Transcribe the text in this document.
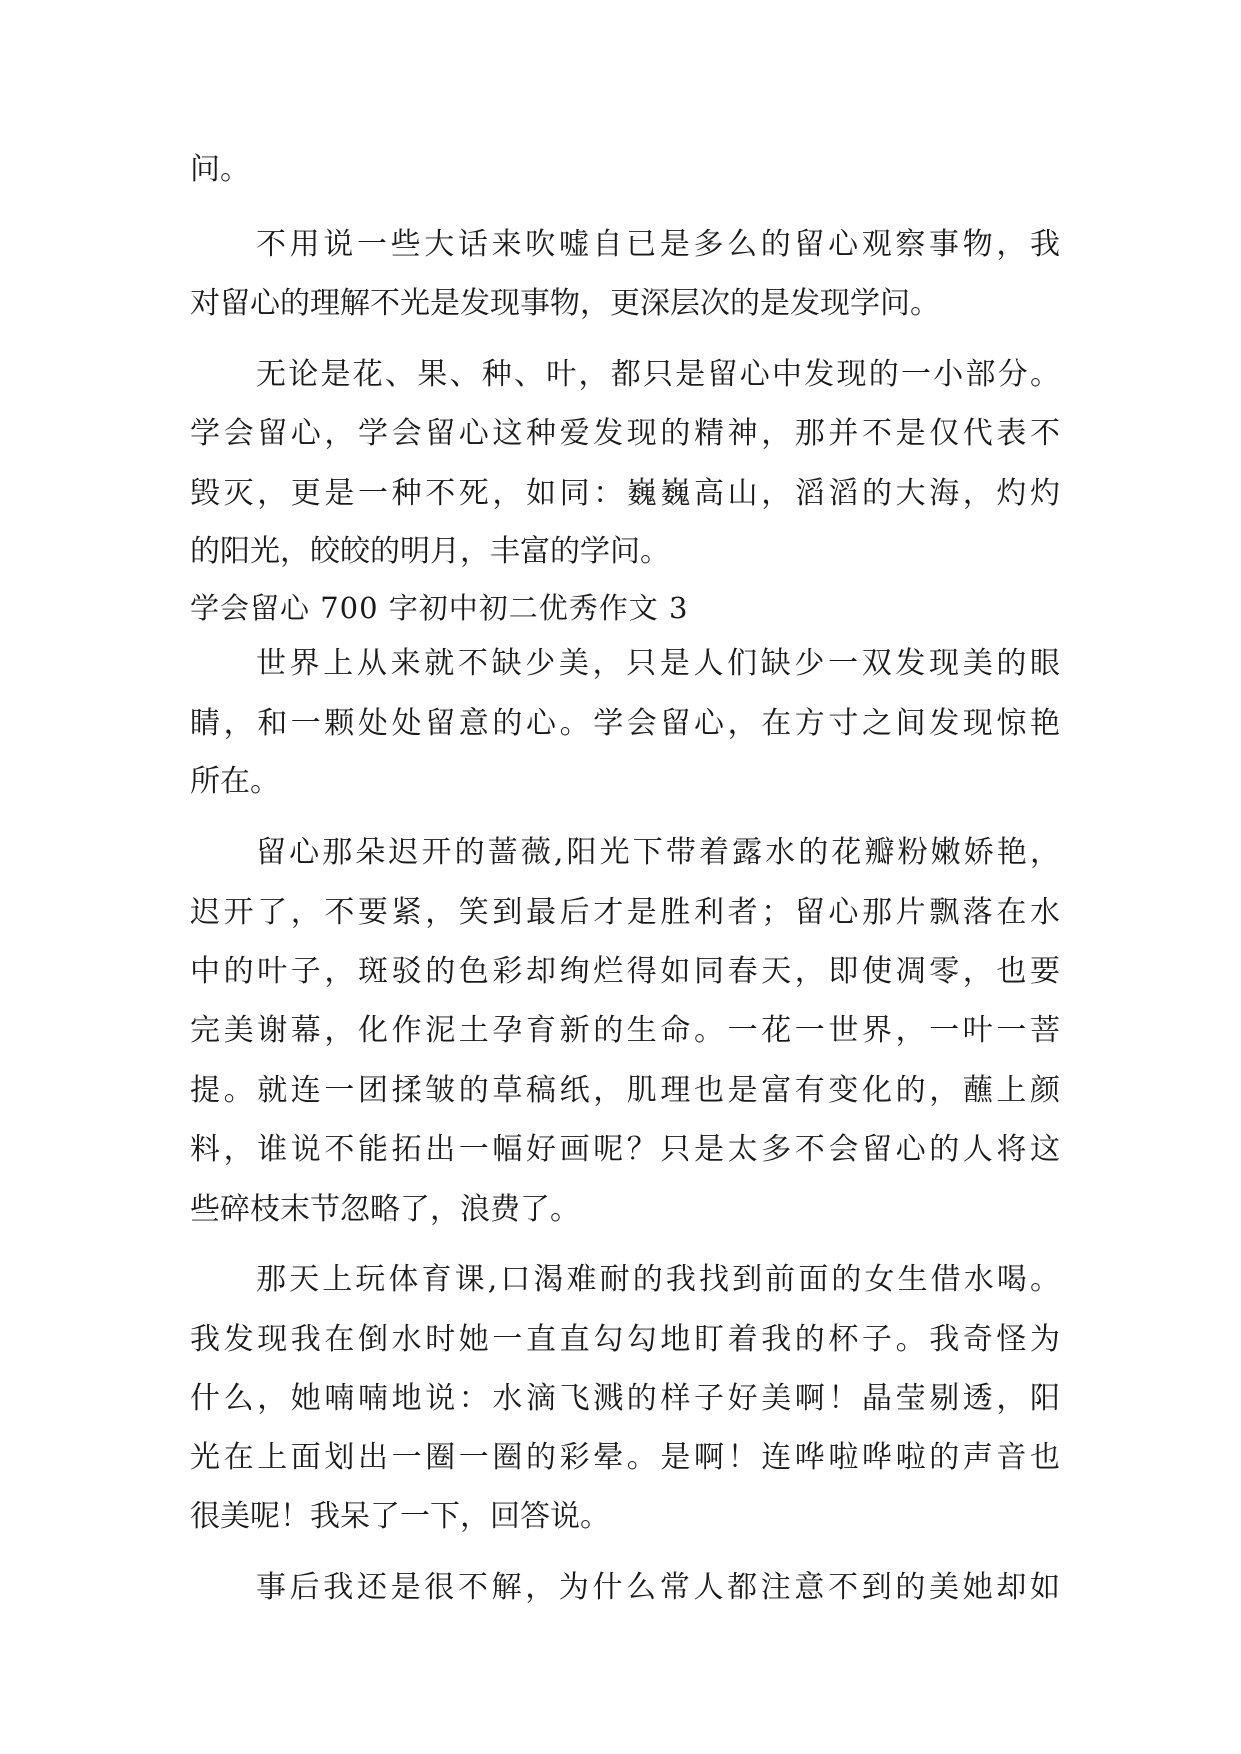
问。
不用说一些大话来吹嘘自已是多么的留心观察事物，我
对留心的理解不光是发现事物，更深层次的是发现学问。
无论是花、果、种、叶，都只是留心中发现的一小部分。
学会留心，学会留心这种爱发现的精神，那并不是仅代表不
毁灭，更是一种不死，如同：巍巍高山，滔滔的大海，灼灼
的阳光，皎皎的明月，丰富的学问。
学会留心 700 字初中初二优秀作文 3
世界上从来就不缺少美，只是人们缺少一双发现美的眼
睛，和一颗处处留意的心。学会留心，在方寸之间发现惊艳
所在。
留心那朵迟开的蔷薇,阳光下带着露水的花瓣粉嫩娇艳，
迟开了，不要紧，笑到最后才是胜利者；留心那片飘落在水
中的叶子，斑驳的色彩却绚烂得如同春天，即使凋零，也要
完美谢幕，化作泥土孕育新的生命。一花一世界，一叶一菩
提。就连一团揉皱的草稿纸，肌理也是富有变化的，蘸上颜
料，谁说不能拓出一幅好画呢？只是太多不会留心的人将这
些碎枝末节忽略了，浪费了。
那天上玩体育课,口渴难耐的我找到前面的女生借水喝。
我发现我在倒水时她一直直勾勾地盯着我的杯子。我奇怪为
什么，她喃喃地说：水滴飞溅的样子好美啊！晶莹剔透，阳
光在上面划出一圈一圈的彩晕。是啊！连哗啦哗啦的声音也
很美呢！我呆了一下，回答说。
事后我还是很不解，为什么常人都注意不到的美她却如
